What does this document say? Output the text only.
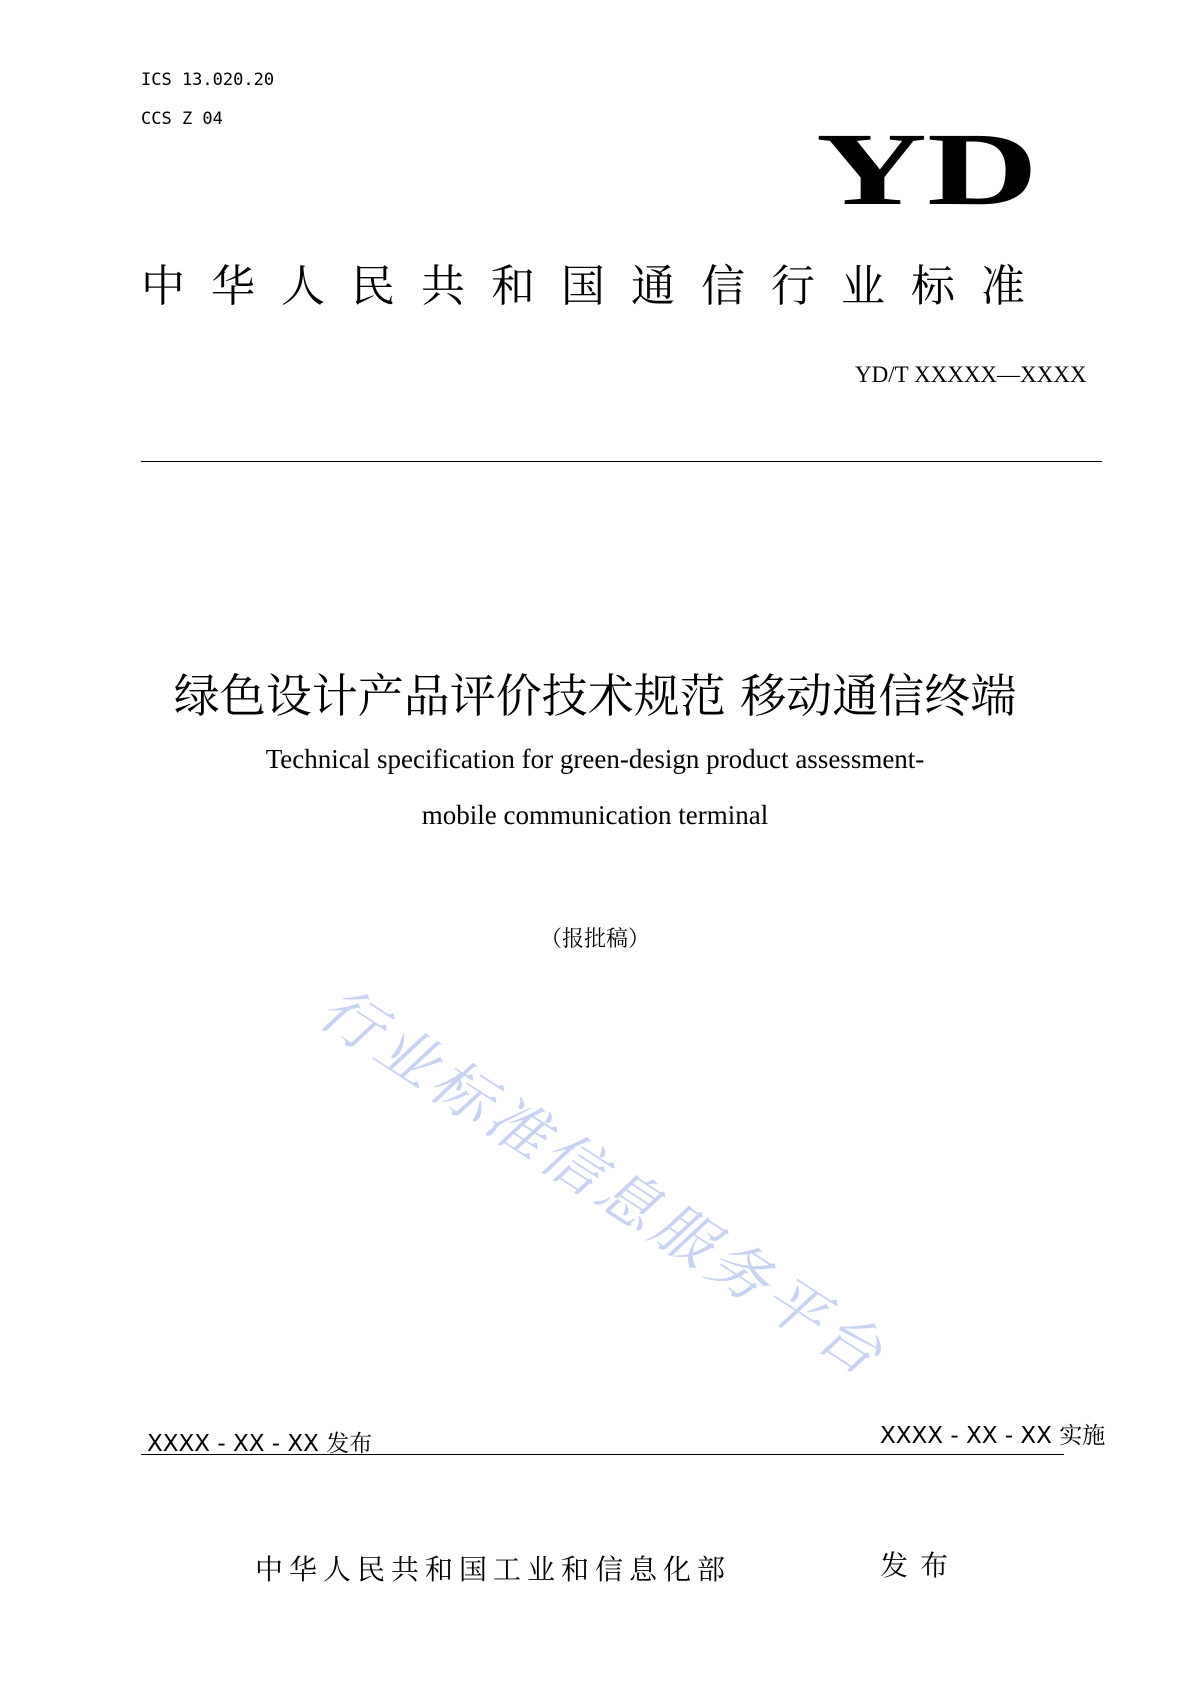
ICS 13.020.20
CCS Z 04	YD
中华人民共和国通信行业标准
YD/T XXXXX—XXXX
绿色设计产品评价技术规范 移动通信终端
Technical specification for green-design product assessment-
mobile communication terminal
（报批稿）
行业标准信息服务平台
XXXX - XX - XX 发布	XXXX - XX - XX 实施
中华人民共和国工业和信息化部	发布
